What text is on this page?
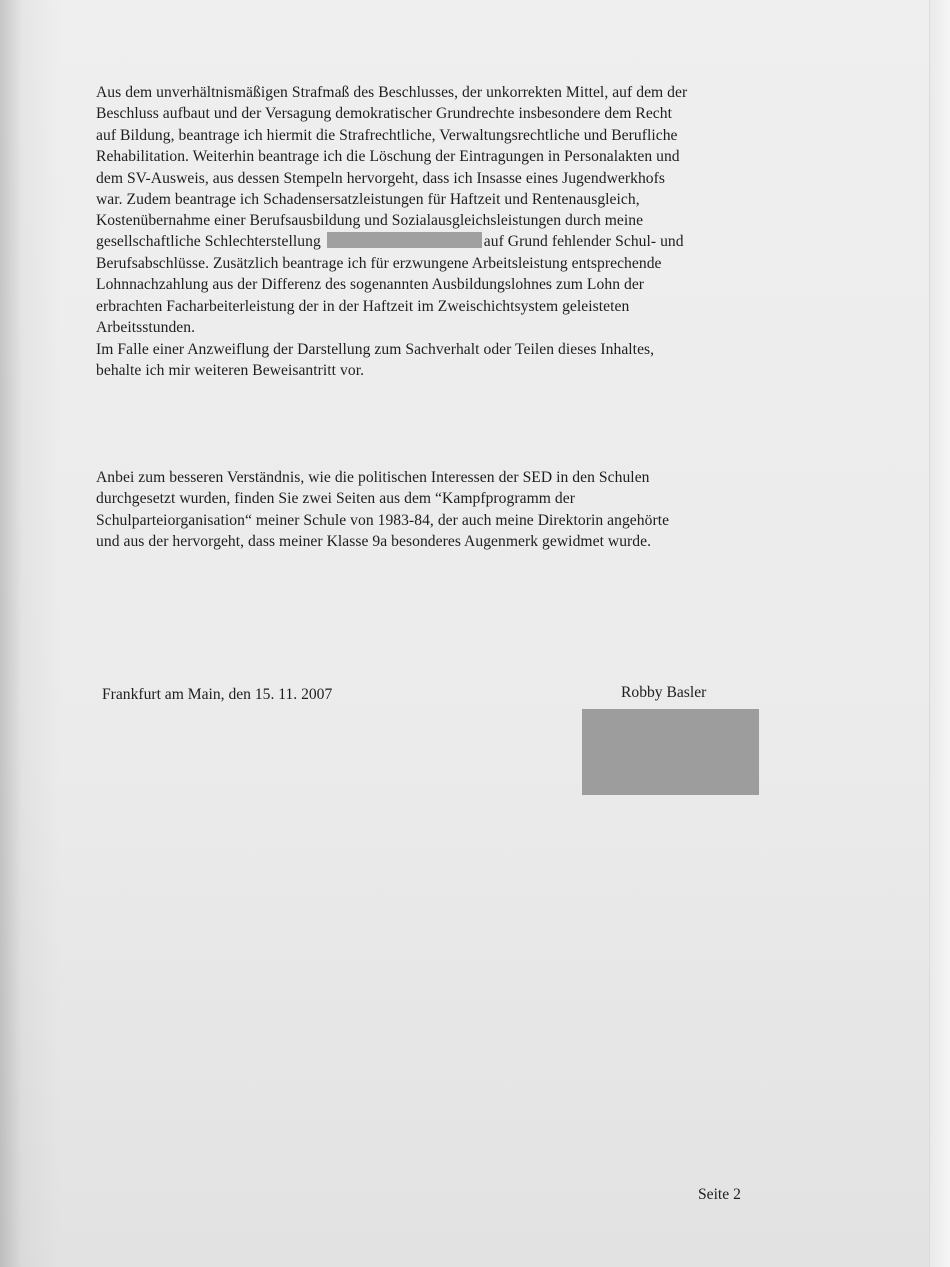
Aus dem unverhältnismäßigen Strafmaß des Beschlusses, der unkorrekten Mittel, auf dem der
Beschluss aufbaut und der Versagung demokratischer Grundrechte insbesondere dem Recht
auf Bildung, beantrage ich hiermit die Strafrechtliche, Verwaltungsrechtliche und Berufliche
Rehabilitation. Weiterhin beantrage ich die Löschung der Eintragungen in Personalakten und
dem SV-Ausweis, aus dessen Stempeln hervorgeht, dass ich Insasse eines Jugendwerkhofs
war. Zudem beantrage ich Schadensersatzleistungen für Haftzeit und Rentenausgleich,
Kostenübernahme einer Berufsausbildung und Sozialausgleichsleistungen durch meine
gesellschaftliche Schlechterstellung	auf Grund fehlender Schul- und
Berufsabschlüsse. Zusätzlich beantrage ich für erzwungene Arbeitsleistung entsprechende
Lohnnachzahlung aus der Differenz des sogenannten Ausbildungslohnes zum Lohn der
erbrachten Facharbeiterleistung der in der Haftzeit im Zweischichtsystem geleisteten
Arbeitsstunden.
Im Falle einer Anzweiflung der Darstellung zum Sachverhalt oder Teilen dieses Inhaltes,
behalte ich mir weiteren Beweisantritt vor.
Anbei zum besseren Verständnis, wie die politischen Interessen der SED in den Schulen
durchgesetzt wurden, finden Sie zwei Seiten aus dem “Kampfprogramm der
Schulparteiorganisation“ meiner Schule von 1983-84, der auch meine Direktorin angehörte
und aus der hervorgeht, dass meiner Klasse 9a besonderes Augenmerk gewidmet wurde.
Frankfurt am Main, den 15. 11. 2007	Robby Basler
Seite 2
